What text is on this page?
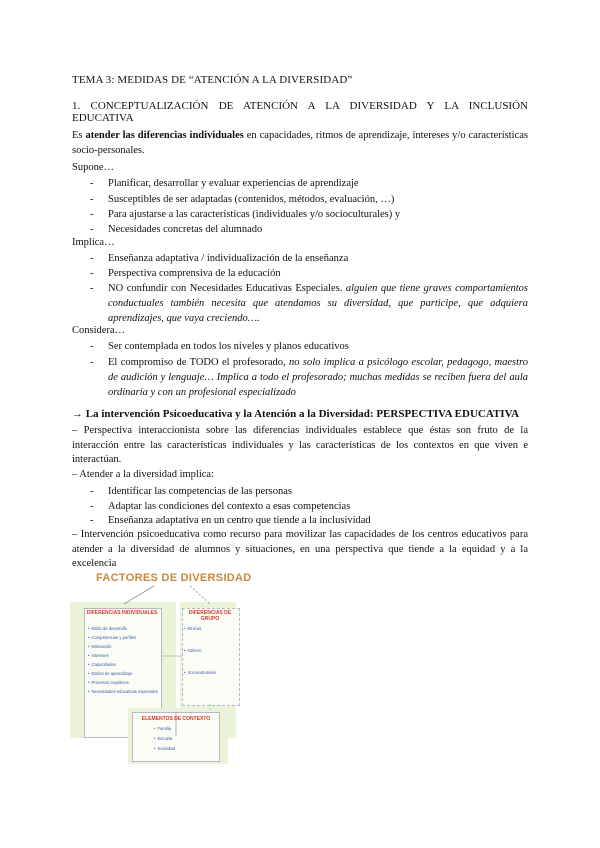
TEMA 3: MEDIDAS DE “ATENCIÓN A LA DIVERSIDAD”
1. CONCEPTUALIZACIÓN DE ATENCIÓN A LA DIVERSIDAD Y LA INCLUSIÓN
EDUCATIVA
Es atender las diferencias individuales en capacidades, ritmos de aprendizaje, intereses y/o características socio-personales.
Supone…
-	Planificar, desarrollar y evaluar experiencias de aprendizaje
-	Susceptibles de ser adaptadas (contenidos, métodos, evaluación, …)
-	Para ajustarse a las características (individuales y/o socioculturales) y
-	Necesidades concretas del alumnado
Implica…
-	Enseñanza adaptativa / individualización de la enseñanza
-	Perspectiva comprensiva de la educación
-	NO confundir con Necesidades Educativas Especiales. alguien que tiene graves comportamientos conductuales también necesita que atendamos su diversidad, que participe, que adquiera aprendizajes, que vaya creciendo….
Considera…
-	Ser contemplada en todos los niveles y planos educativos
-	El compromiso de TODO el profesorado, no solo implica a psicólogo escolar, pedagogo, maestro de audición y lenguaje… Implica a todo el profesorado; muchas medidas se reciben fuera del aula ordinaria y con un profesional especializado
→ La intervención Psicoeducativa y la Atención a la Diversidad: PERSPECTIVA EDUCATIVA
– Perspectiva interaccionista sobre las diferencias individuales establece que éstas son fruto de la interacción entre las características individuales y las características de los contextos en que viven e interactúan.
– Atender a la diversidad implica:
-	Identificar las competencias de las personas
-	Adaptar las condiciones del contexto a esas competencias
-	Enseñanza adaptativa en un centro que tiende a la inclusividad
– Intervención psicoeducativa como recurso para movilizar las capacidades de los centros educativos para atender a la diversidad de alumnos y situaciones, en una perspectiva que tiende a la equidad y a la excelencia
FACTORES DE DIVERSIDAD
DIFERENCIAS INDIVIDUALES
• Estilo de desarrollo
• Competencias y perfiles
• Motivación
• Intereses
• Capacidades
• Estilos de aprendizaje
• Procesos cognitivos
• Necesidades educativas especiales
DIFERENCIAS DE GRUPO
• Etnicas
• Género
• Socioculturales
ELEMENTOS DE CONTEXTO
• Familia
• Escuela
• Sociedad
